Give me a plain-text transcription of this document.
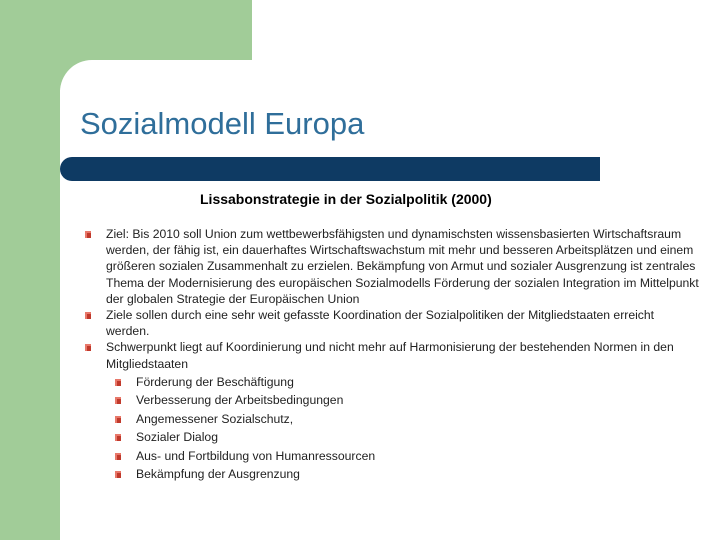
Sozialmodell Europa
Lissabonstrategie in der Sozialpolitik (2000)
Ziel: Bis 2010 soll Union zum wettbewerbsfähigsten und dynamischsten wissensbasierten Wirtschaftsraum werden, der fähig ist, ein dauerhaftes Wirtschaftswachstum mit mehr und besseren Arbeitsplätzen und einem größeren sozialen Zusammenhalt zu erzielen. Bekämpfung von Armut und sozialer Ausgrenzung ist zentrales Thema der Modernisierung des europäischen Sozialmodells Förderung der sozialen Integration im Mittelpunkt der globalen Strategie der Europäischen Union
Ziele sollen durch eine sehr weit gefasste Koordination der Sozialpolitiken der Mitgliedstaaten erreicht werden.
Schwerpunkt liegt auf Koordinierung und nicht mehr auf Harmonisierung der bestehenden Normen in den Mitgliedstaaten
Förderung der Beschäftigung
Verbesserung der Arbeitsbedingungen
Angemessener Sozialschutz,
Sozialer Dialog
Aus- und Fortbildung von Humanressourcen
Bekämpfung der Ausgrenzung
